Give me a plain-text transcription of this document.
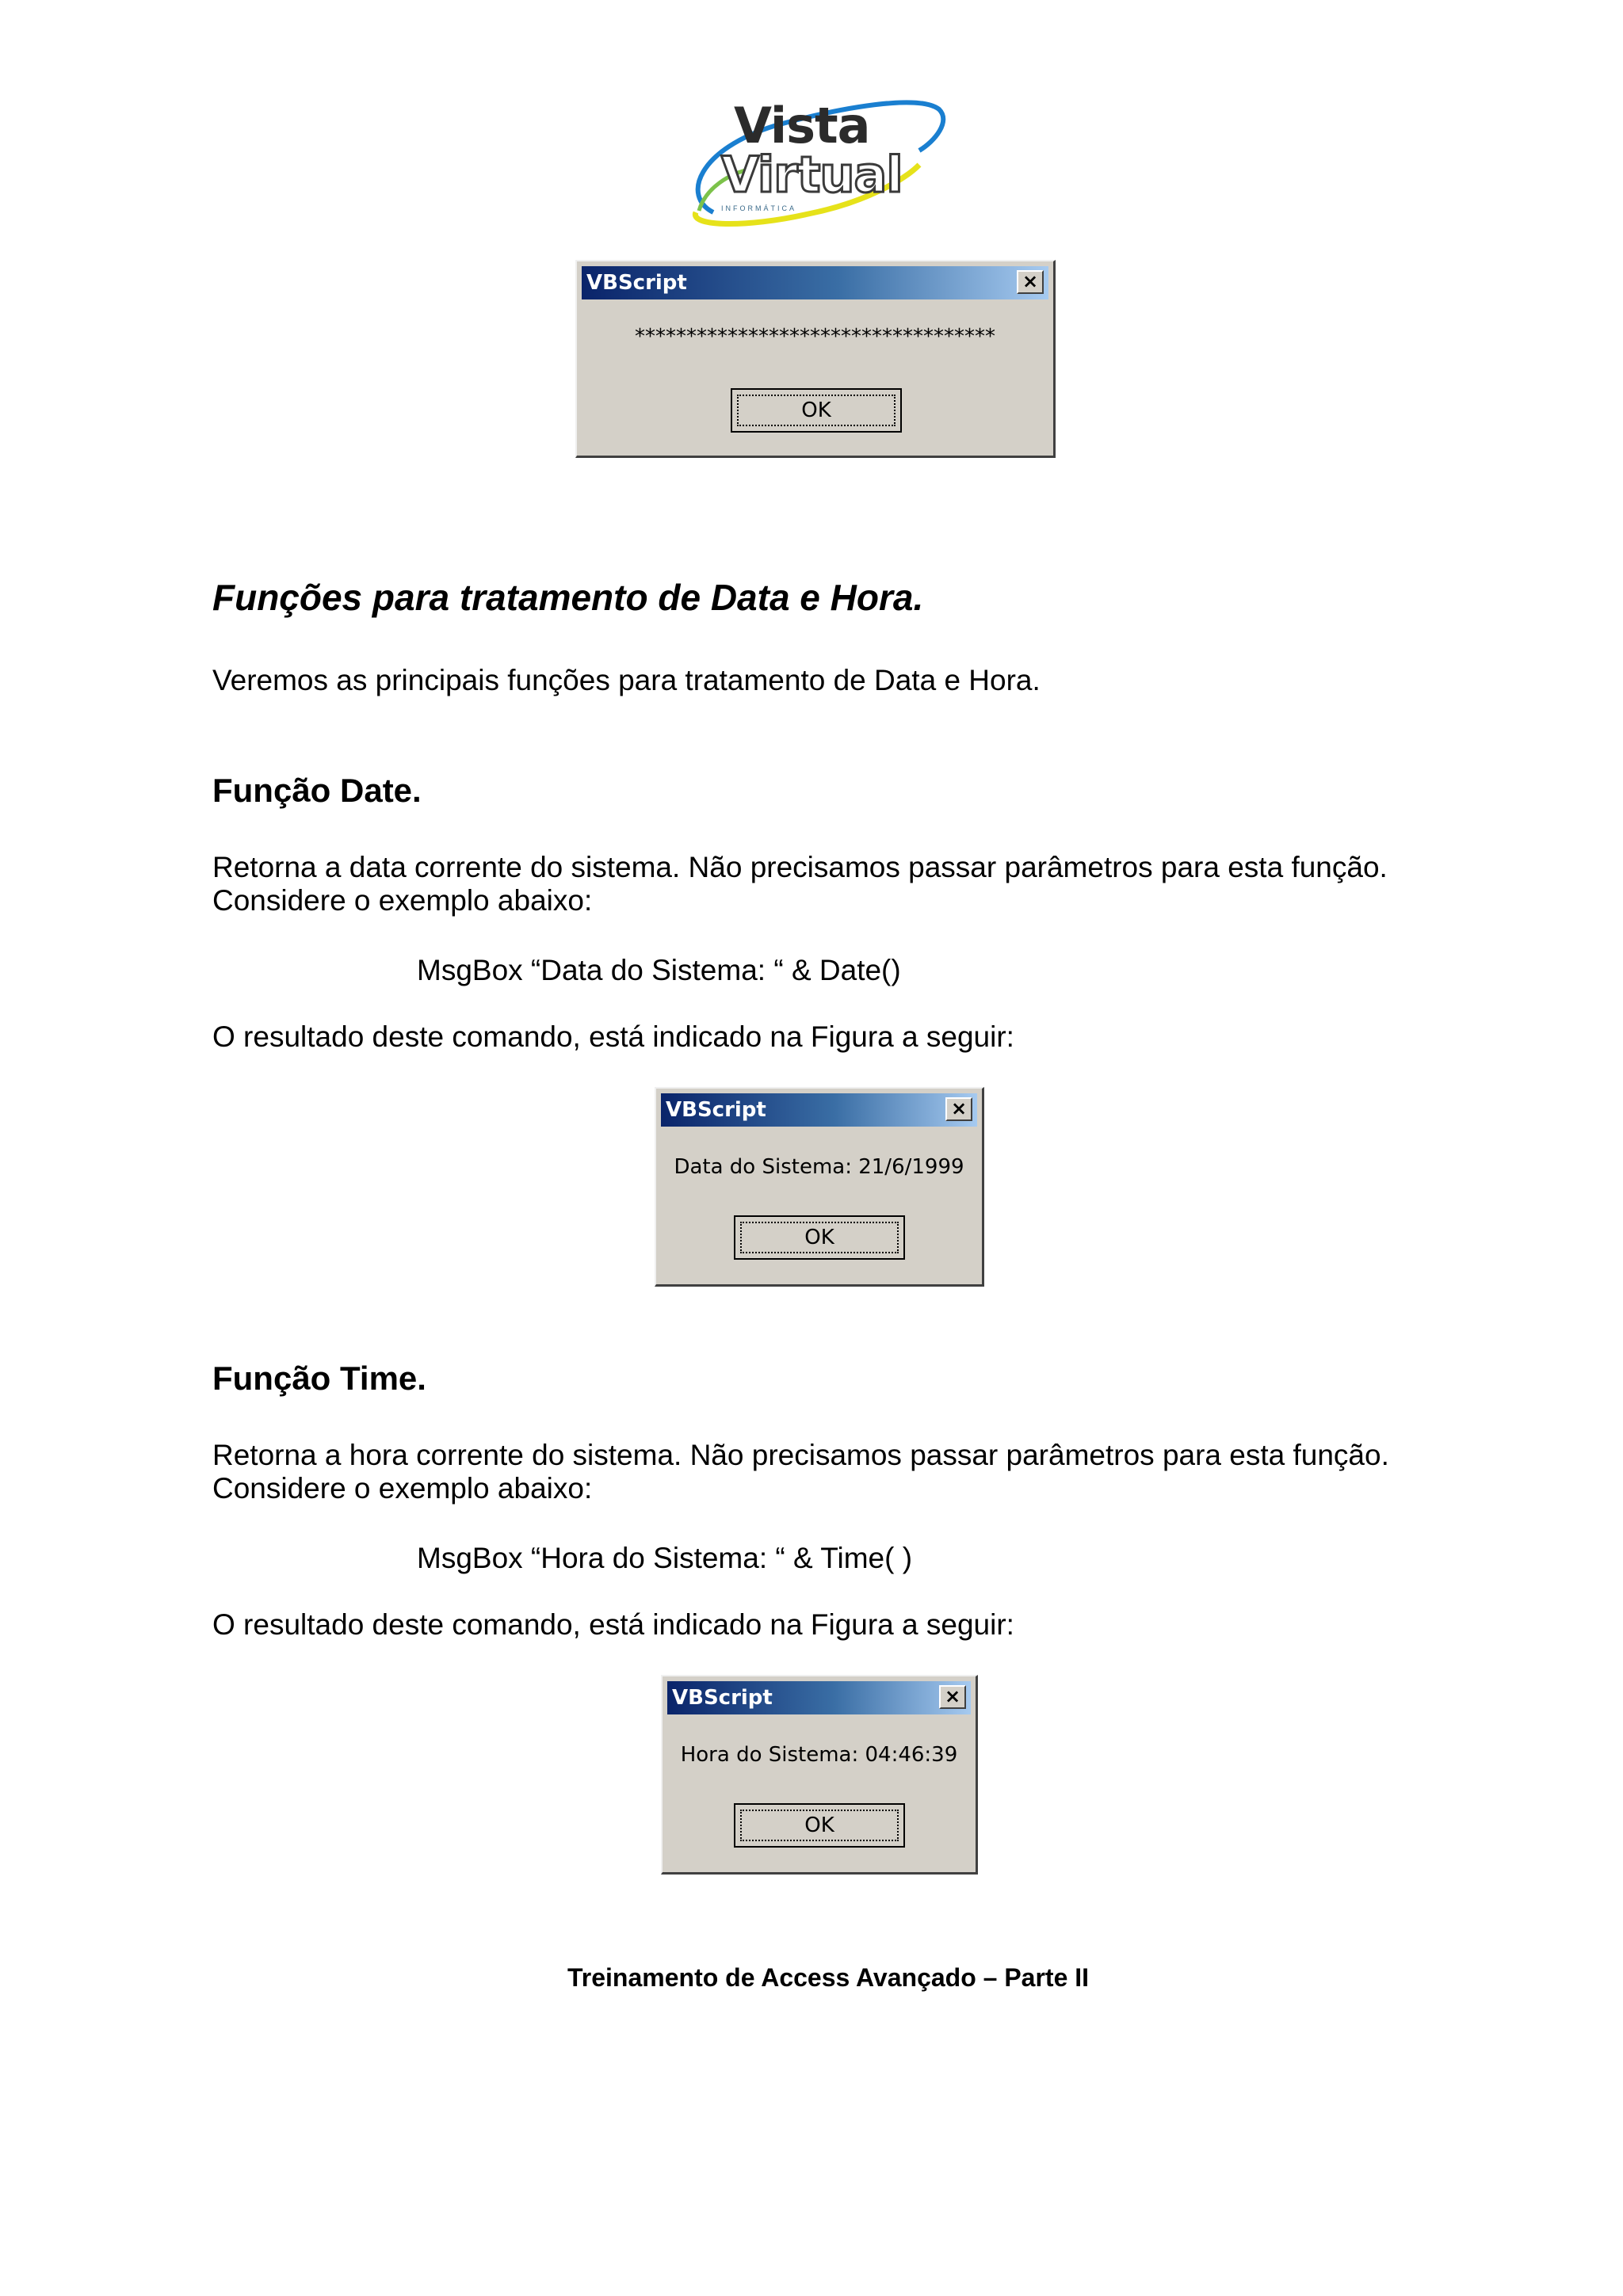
Vista
Virtual
INFORMÁTICA
VBScript	×
***********************************
OK
Funções para tratamento de Data e Hora.
Veremos as principais funções para tratamento de Data e Hora.
Função Date.
Retorna a data corrente do sistema. Não precisamos passar parâmetros para esta função. Considere o exemplo abaixo:
MsgBox “Data do Sistema: “ & Date()
O resultado deste comando, está indicado na Figura a seguir:
VBScript	×
Data do Sistema: 21/6/1999
OK
Função Time.
Retorna a hora corrente do sistema. Não precisamos passar parâmetros para esta função. Considere o exemplo abaixo:
MsgBox “Hora do Sistema: “ & Time( )
O resultado deste comando, está indicado na Figura a seguir:
VBScript	×
Hora do Sistema: 04:46:39
OK
Treinamento de Access Avançado – Parte II
